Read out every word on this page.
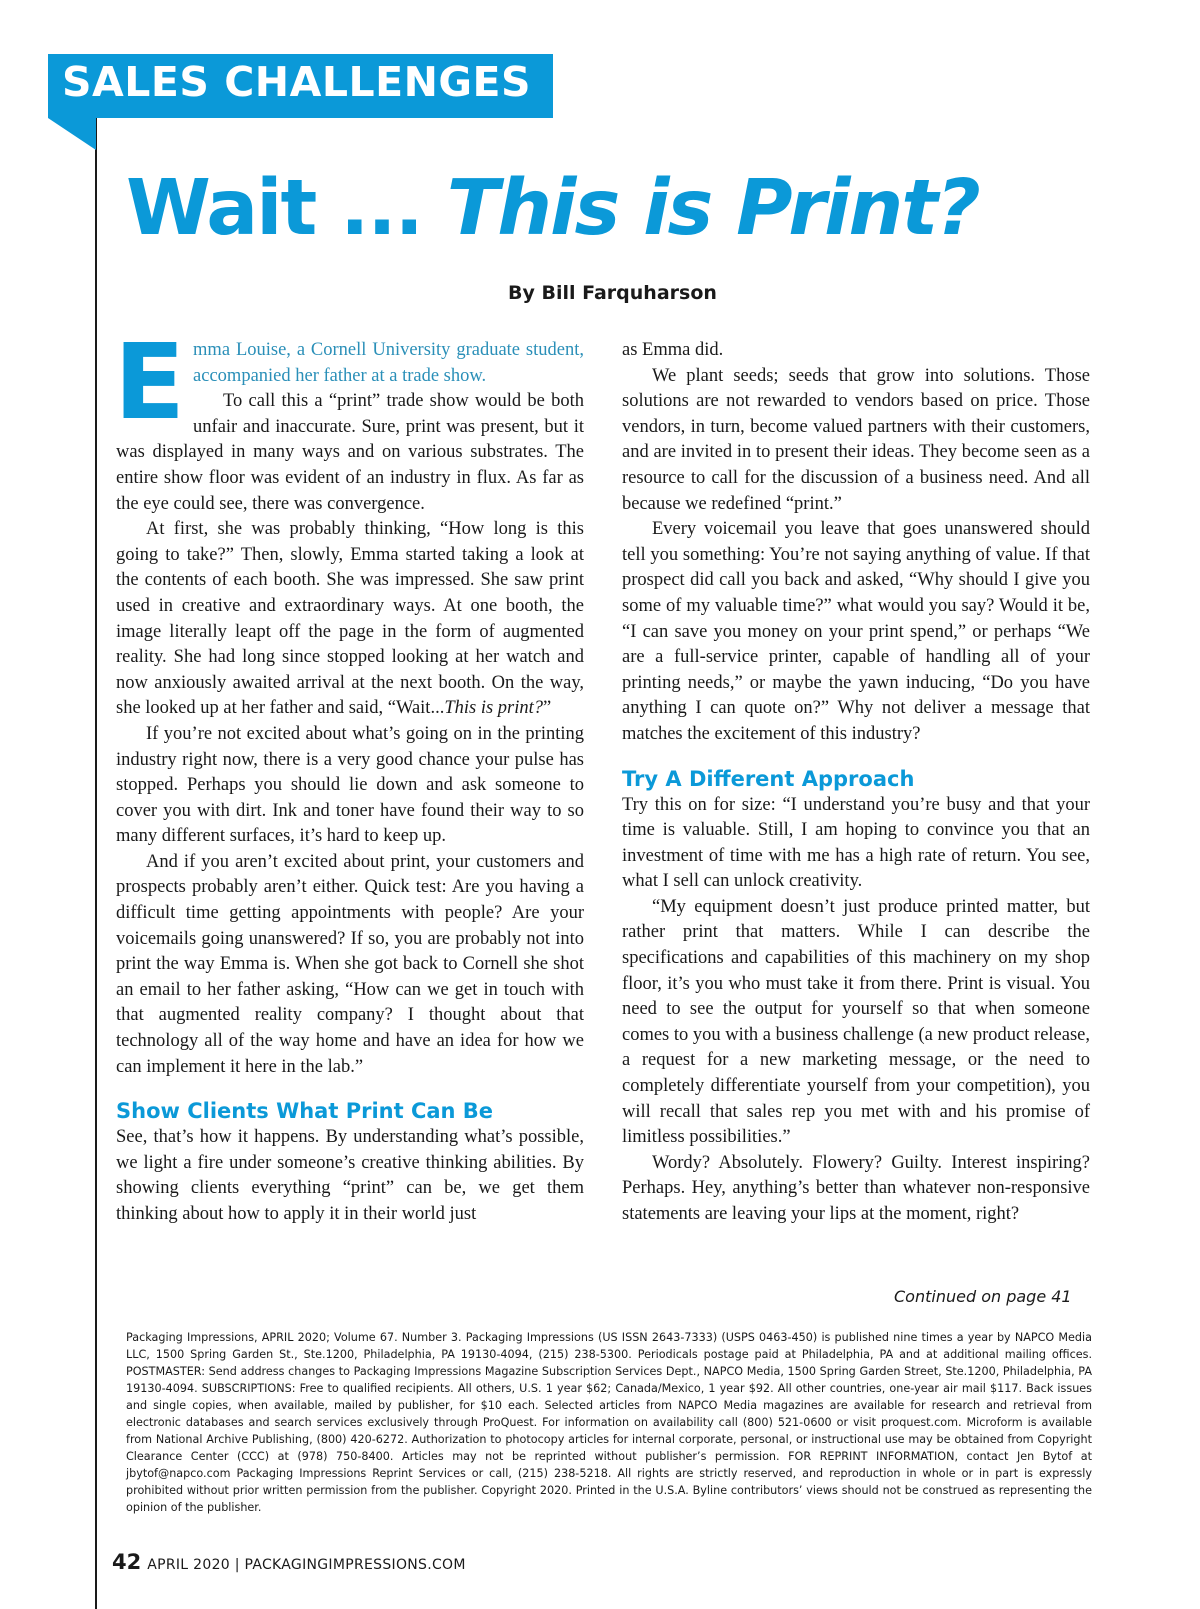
SALES CHALLENGES
Wait ... This is Print?
By Bill Farquharson

Emma Louise, a Cornell University graduate student, accompanied her father at a trade show.

To call this a “print” trade show would be both unfair and inaccurate. Sure, print was present, but it was displayed in many ways and on various substrates. The entire show floor was evident of an industry in flux. As far as the eye could see, there was convergence.

At first, she was probably thinking, “How long is this going to take?” Then, slowly, Emma started taking a look at the contents of each booth. She was impressed. She saw print used in creative and extraordinary ways. At one booth, the image literally leapt off the page in the form of augmented reality. She had long since stopped looking at her watch and now anxiously awaited arrival at the next booth. On the way, she looked up at her father and said, “Wait...This is print?”

If you’re not excited about what’s going on in the printing industry right now, there is a very good chance your pulse has stopped. Perhaps you should lie down and ask someone to cover you with dirt. Ink and toner have found their way to so many different surfaces, it’s hard to keep up.

And if you aren’t excited about print, your customers and prospects probably aren’t either. Quick test: Are you having a difficult time getting appointments with people? Are your voicemails going unanswered? If so, you are probably not into print the way Emma is. When she got back to Cornell she shot an email to her father asking, “How can we get in touch with that augmented reality company? I thought about that technology all of the way home and have an idea for how we can implement it here in the lab.”

Show Clients What Print Can Be

See, that’s how it happens. By understanding what’s possible, we light a fire under someone’s creative thinking abilities. By showing clients everything “print” can be, we get them thinking about how to apply it in their world just

as Emma did.

We plant seeds; seeds that grow into solutions. Those solutions are not rewarded to vendors based on price. Those vendors, in turn, become valued partners with their customers, and are invited in to present their ideas. They become seen as a resource to call for the discussion of a business need. And all because we redefined “print.”

Every voicemail you leave that goes unanswered should tell you something: You’re not saying anything of value. If that prospect did call you back and asked, “Why should I give you some of my valuable time?” what would you say? Would it be, “I can save you money on your print spend,” or perhaps “We are a full-service printer, capable of handling all of your printing needs,” or maybe the yawn inducing, “Do you have anything I can quote on?” Why not deliver a message that matches the excitement of this industry?

Try A Different Approach

Try this on for size: “I understand you’re busy and that your time is valuable. Still, I am hoping to convince you that an investment of time with me has a high rate of return. You see, what I sell can unlock creativity.

“My equipment doesn’t just produce printed matter, but rather print that matters. While I can describe the specifications and capabilities of this machinery on my shop floor, it’s you who must take it from there. Print is visual. You need to see the output for yourself so that when someone comes to you with a business challenge (a new product release, a request for a new marketing message, or the need to completely differentiate yourself from your competition), you will recall that sales rep you met with and his promise of limitless possibilities.”

Wordy? Absolutely. Flowery? Guilty. Interest inspiring? Perhaps. Hey, anything’s better than whatever non-responsive statements are leaving your lips at the moment, right?

Continued on page 41
Packaging Impressions, APRIL 2020; Volume 67. Number 3. Packaging Impressions (US ISSN 2643-7333) (USPS 0463-450) is published nine times a year by NAPCO Media LLC, 1500 Spring Garden St., Ste.1200, Philadelphia, PA 19130-4094, (215) 238-5300. Periodicals postage paid at Philadelphia, PA and at additional mailing offices. POSTMASTER: Send address changes to Packaging Impressions Magazine Subscription Services Dept., NAPCO Media, 1500 Spring Garden Street, Ste.1200, Philadelphia, PA 19130-4094. SUBSCRIPTIONS: Free to qualified recipients. All others, U.S. 1 year $62; Canada/Mexico, 1 year $92. All other countries, one-year air mail $117. Back issues and single copies, when available, mailed by publisher, for $10 each. Selected articles from NAPCO Media magazines are available for research and retrieval from electronic databases and search services exclusively through ProQuest. For information on availability call (800) 521-0600 or visit proquest.com. Microform is available from National Archive Publishing, (800) 420-6272. Authorization to photocopy articles for internal corporate, personal, or instructional use may be obtained from Copyright Clearance Center (CCC) at (978) 750-8400. Articles may not be reprinted without publisher’s permission. FOR REPRINT INFORMATION, contact Jen Bytof at jbytof@napco.com Packaging Impressions Reprint Services or call, (215) 238-5218. All rights are strictly reserved, and reproduction in whole or in part is expressly prohibited without prior written permission from the publisher. Copyright 2020. Printed in the U.S.A. Byline contributors’ views should not be construed as representing the opinion of the publisher.
42 APRIL 2020 | PACKAGINGIMPRESSIONS.COM
